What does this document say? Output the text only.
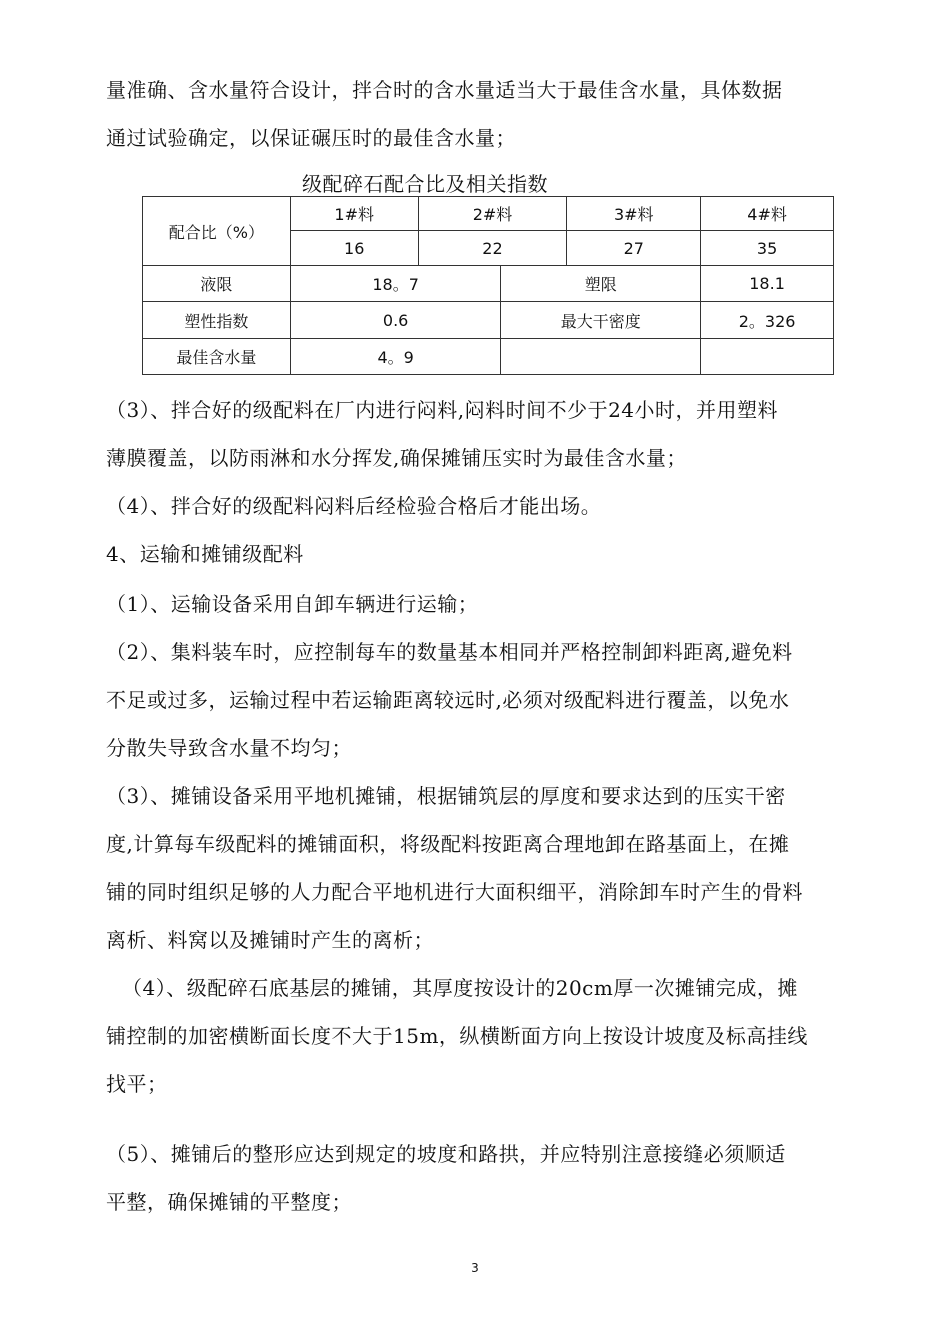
量准确、含水量符合设计，拌合时的含水量适当大于最佳含水量，具体数据
通过试验确定，以保证碾压时的最佳含水量；
级配碎石配合比及相关指数
配合比（%）	1#料	2#料		3#料	4#料
	16	22		27	35
液限	18。7		塑限		18.1
塑性指数	0.6		最大干密度		2。326
最佳含水量	4。9				
（3）、拌合好的级配料在厂内进行闷料,闷料时间不少于24小时，并用塑料
薄膜覆盖，以防雨淋和水分挥发,确保摊铺压实时为最佳含水量；
（4）、拌合好的级配料闷料后经检验合格后才能出场。
4、运输和摊铺级配料
（1）、运输设备采用自卸车辆进行运输；
（2）、集料装车时，应控制每车的数量基本相同并严格控制卸料距离,避免料
不足或过多，运输过程中若运输距离较远时,必须对级配料进行覆盖，以免水
分散失导致含水量不均匀；
（3）、摊铺设备采用平地机摊铺，根据铺筑层的厚度和要求达到的压实干密
度,计算每车级配料的摊铺面积，将级配料按距离合理地卸在路基面上，在摊
铺的同时组织足够的人力配合平地机进行大面积细平，消除卸车时产生的骨料
离析、料窝以及摊铺时产生的离析；
（4）、级配碎石底基层的摊铺，其厚度按设计的20cm厚一次摊铺完成，摊
铺控制的加密横断面长度不大于15m，纵横断面方向上按设计坡度及标高挂线
找平；
（5）、摊铺后的整形应达到规定的坡度和路拱，并应特别注意接缝必须顺适
平整，确保摊铺的平整度；
3
